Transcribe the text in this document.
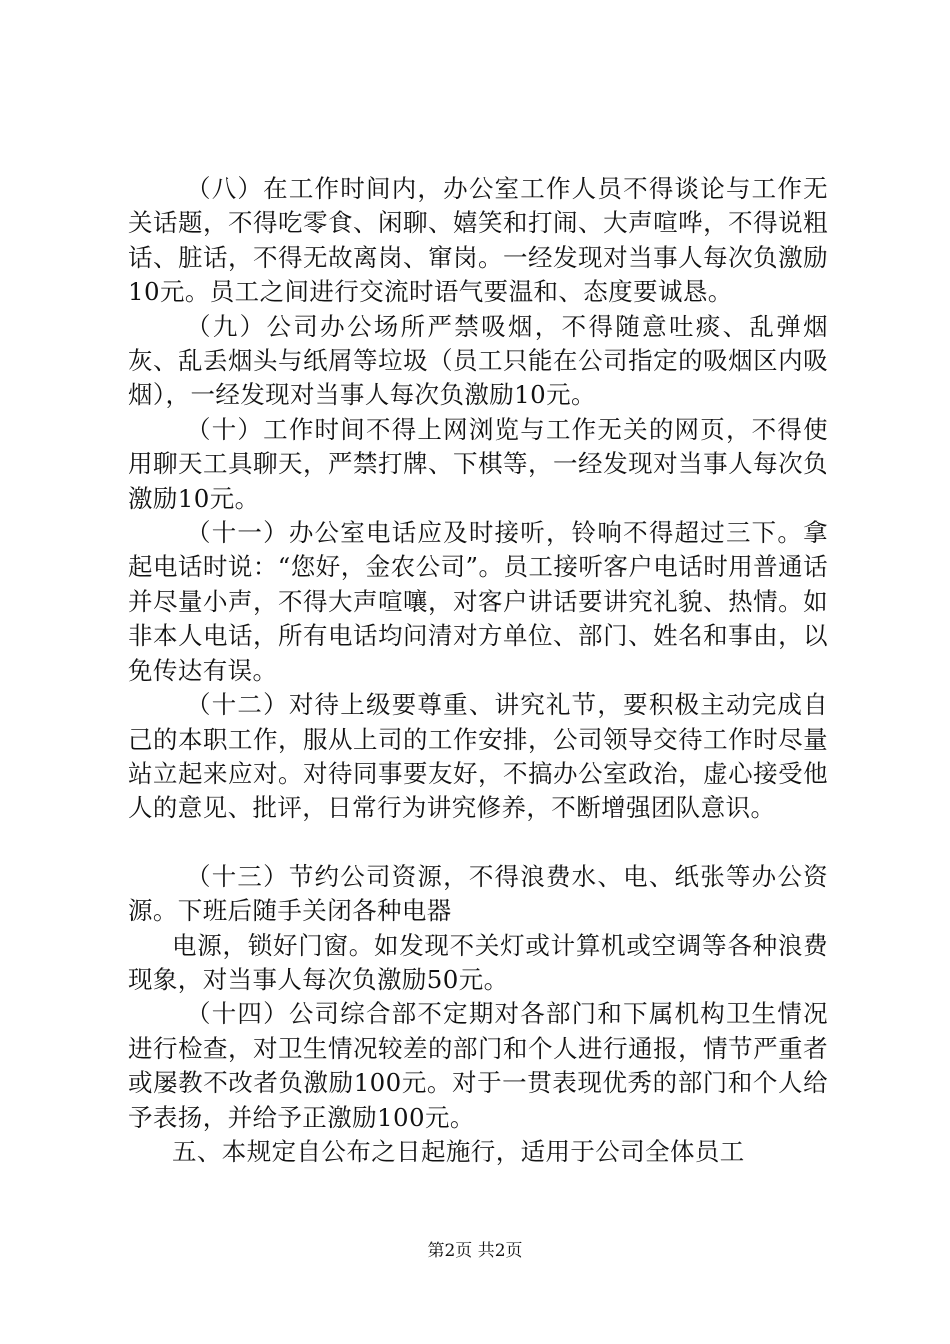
（八）在工作时间内，办公室工作人员不得谈论与工作无关话题，不得吃零食、闲聊、嬉笑和打闹、大声喧哗，不得说粗话、脏话，不得无故离岗、窜岗。一经发现对当事人每次负激励10元。员工之间进行交流时语气要温和、态度要诚恳。

（九）公司办公场所严禁吸烟，不得随意吐痰、乱弹烟灰、乱丢烟头与纸屑等垃圾（员工只能在公司指定的吸烟区内吸烟），一经发现对当事人每次负激励10元。

（十）工作时间不得上网浏览与工作无关的网页，不得使用聊天工具聊天，严禁打牌、下棋等，一经发现对当事人每次负激励10元。

（十一）办公室电话应及时接听，铃响不得超过三下。拿起电话时说：“您好，金农公司”。员工接听客户电话时用普通话并尽量小声，不得大声喧嚷，对客户讲话要讲究礼貌、热情。如非本人电话，所有电话均问清对方单位、部门、姓名和事由，以免传达有误。

（十二）对待上级要尊重、讲究礼节，要积极主动完成自己的本职工作，服从上司的工作安排，公司领导交待工作时尽量站立起来应对。对待同事要友好，不搞办公室政治，虚心接受他人的意见、批评，日常行为讲究修养，不断增强团队意识。

（十三）节约公司资源，不得浪费水、电、纸张等办公资源。下班后随手关闭各种电器

电源，锁好门窗。如发现不关灯或计算机或空调等各种浪费现象，对当事人每次负激励50元。

（十四）公司综合部不定期对各部门和下属机构卫生情况进行检查，对卫生情况较差的部门和个人进行通报，情节严重者或屡教不改者负激励100元。对于一贯表现优秀的部门和个人给予表扬，并给予正激励100元。

五、本规定自公布之日起施行，适用于公司全体员工

第2页 共2页
